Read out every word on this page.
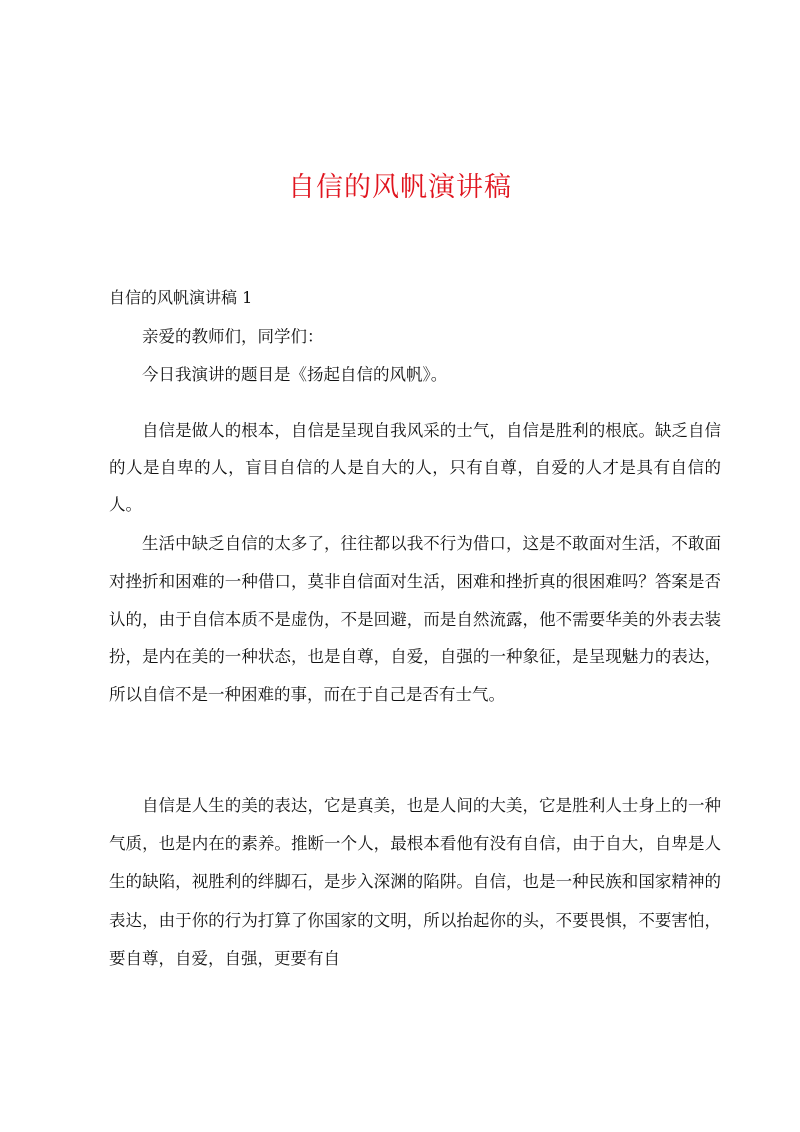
自信的风帆演讲稿

自信的风帆演讲稿 1

亲爱的教师们，同学们：

今日我演讲的题目是《扬起自信的风帆》。

自信是做人的根本，自信是呈现自我风采的士气，自信是胜利的根底。缺乏自信的人是自卑的人，盲目自信的人是自大的人，只有自尊，自爱的人才是具有自信的人。

生活中缺乏自信的太多了，往往都以我不行为借口，这是不敢面对生活，不敢面对挫折和困难的一种借口，莫非自信面对生活，困难和挫折真的很困难吗？答案是否认的，由于自信本质不是虚伪，不是回避，而是自然流露，他不需要华美的外表去装扮，是内在美的一种状态，也是自尊，自爱，自强的一种象征，是呈现魅力的表达，所以自信不是一种困难的事，而在于自己是否有士气。

自信是人生的美的表达，它是真美，也是人间的大美，它是胜利人士身上的一种气质，也是内在的素养。推断一个人，最根本看他有没有自信，由于自大，自卑是人生的缺陷，视胜利的绊脚石，是步入深渊的陷阱。自信，也是一种民族和国家精神的表达，由于你的行为打算了你国家的文明，所以抬起你的头，不要畏惧，不要害怕，要自尊，自爱，自强，更要有自
